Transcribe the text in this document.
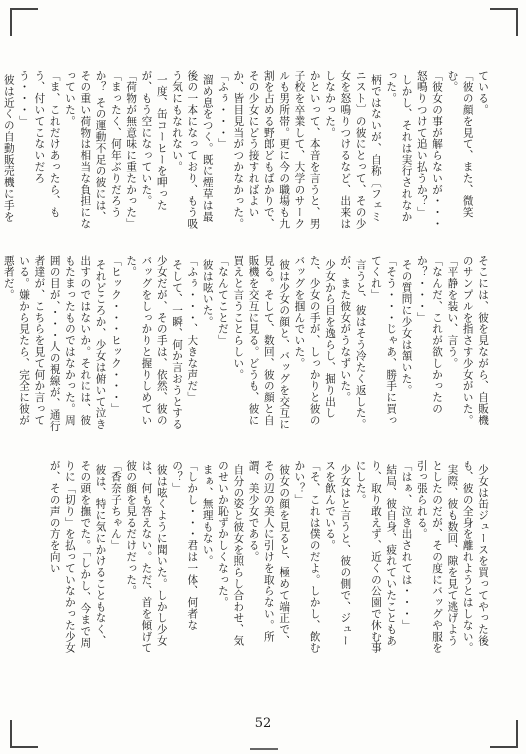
ている。
「彼の顔を見て、また、微笑む。
「彼女の事が解らないが・・・怒鳴りつけて追い払うか？」
しかし、それは実行されなかった。
柄ではないが、自称〔フェミニスト〕の彼にとって、その少女を怒鳴りつけるなど、出来はしなかった。
かといって、本音を言うと、男子校を卒業して、大学のサークルも男所帯。更に今の職場も九割を占める野郎どもばかりで、その少女にどう接すればよいか、皆目見当がつかなかった。
「ふぅ・・・」
溜め息をつく。既に煙草は最後の一本になっており、もう吸う気にもなれない。
一度、缶コーヒーを呷ったが、もう空になっていた。
「荷物が無意味に重たかった」
「まったく、何年ぶりだろうか？ その運動不足の彼には、その重い荷物は相当な負担になっていた。
「ま、これだけあったら、もう、付いてこないだろう・・・」
彼は近くの自動販売機に手を

そこには、彼を見ながら、自販機のサンプルを指さす少女がいた。
「平静を装い、言う。
「なんだ、これが欲しかったのか？・・・」
その質問に少女は頷いた。
「そう・・・じゃあ、勝手に買ってくれ」
言うと、彼はそう冷たく返した。が、また彼女がうなずいた。
少女から目を逸らし、掘り出した、少女の手が、しっかりと彼のバッグを掴んでいた。
彼は少女の顔と、バッグを交互に見る。そして、数回、彼の顔と自販機を交互に見る。どうも、彼に買えと言うことらしい。
「なんてことだ」
彼は呟いた。
「ふぅ・・・、大きな声だ」
そして、一瞬、何か言おうとする少女だが、その手は、依然、彼のバッグをしっかりと握りしめていた。
「ヒック・・・ヒック・・・」
それどころか、少女は俯いて泣き出すのではないか。それには、彼もたまったものではなかった。周囲の目が、・・・人の視線が、通行者達が、こちらを見て何か言っている。嫌から見たら、完全に彼が悪者だ。

少女は缶ジュースを買ってやった後も、彼の全身を離れようとはしない。
実際、彼も数回、隙を見て逃げようとしたのだが、その度にバッグや服を引っ張られる。
「はぁ、泣き出されては・・・」
結局、彼自身、疲れていたこともあり、取り敢えず、近くの公園で休む事にした。
少女はと言うと、彼の側で、ジュースを飲んでいる。
「そ、これは僕のだよ。しかし、飲むかい？」
彼女の顔を見ると、極めて端正で、その辺の美人に引けを取らない。所謂、美少女である。
自分の姿と彼女を照らし合わせ、気のせいか恥ずかしくなった。
まぁ、無理もない。
「しかし・・・君は一体、何者なの？」
彼は呟くように聞いた。しかし少女は、何も答えない。ただ、首を傾げて彼の顔を見るだけだった。
「香奈子ちゃん」
彼は、特に気にかけることもなく、その頭を撫でた。「しかし、今まで周りに「切り」を払っていなかった少女が、その声の方を向い
52
